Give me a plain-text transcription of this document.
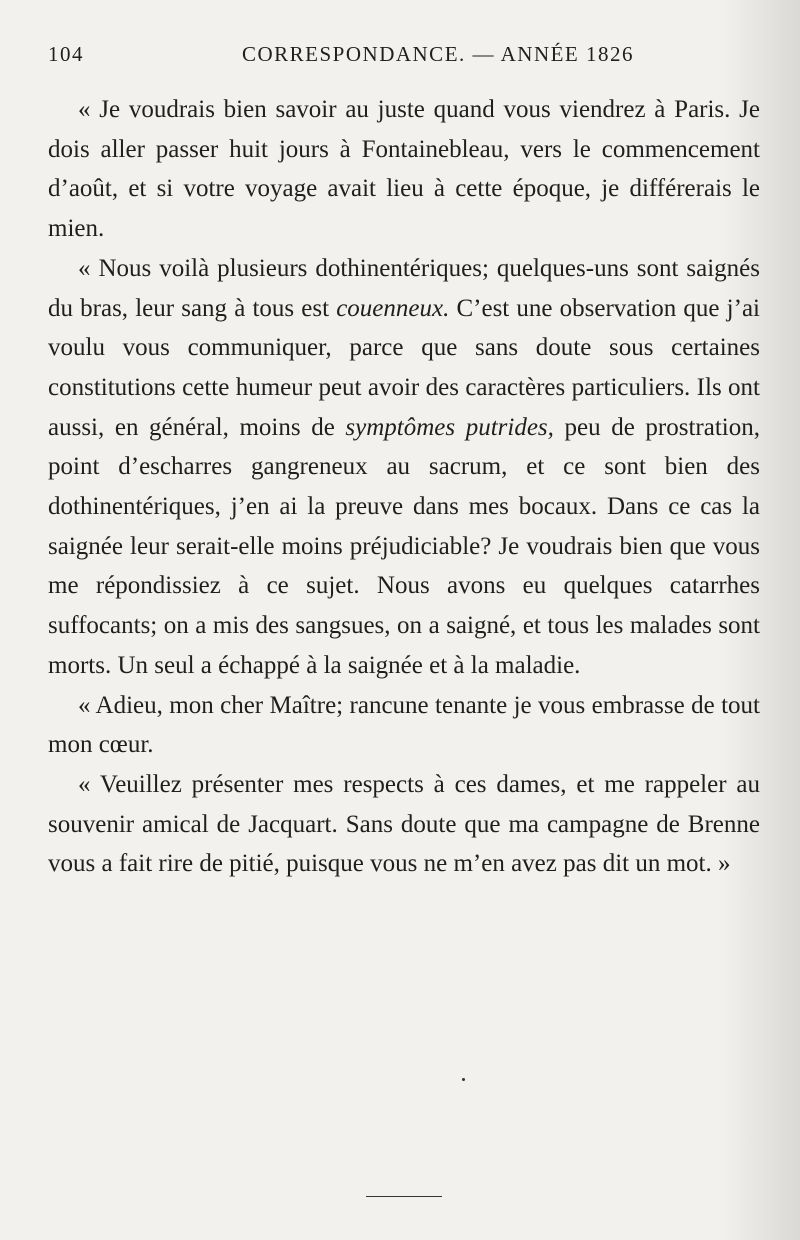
104	CORRESPONDANCE. — ANNÉE 1826

« Je voudrais bien savoir au juste quand vous viendrez à Paris. Je dois aller passer huit jours à Fontainebleau, vers le commencement d’août, et si votre voyage avait lieu à cette époque, je différerais le mien.

« Nous voilà plusieurs dothinentériques; quelques-uns sont saignés du bras, leur sang à tous est couenneux. C’est une observation que j’ai voulu vous communiquer, parce que sans doute sous certaines constitutions cette humeur peut avoir des caractères particuliers. Ils ont aussi, en général, moins de symptômes putrides, peu de prostration, point d’escharres gangreneux au sacrum, et ce sont bien des dothinentériques, j’en ai la preuve dans mes bocaux. Dans ce cas la saignée leur serait-elle moins préjudiciable? Je voudrais bien que vous me répondissiez à ce sujet. Nous avons eu quelques catarrhes suffocants; on a mis des sangsues, on a saigné, et tous les malades sont morts. Un seul a échappé à la saignée et à la maladie.

« Adieu, mon cher Maître; rancune tenante je vous embrasse de tout mon cœur.

« Veuillez présenter mes respects à ces dames, et me rappeler au souvenir amical de Jacquart. Sans doute que ma campagne de Brenne vous a fait rire de pitié, puisque vous ne m’en avez pas dit un mot. »
